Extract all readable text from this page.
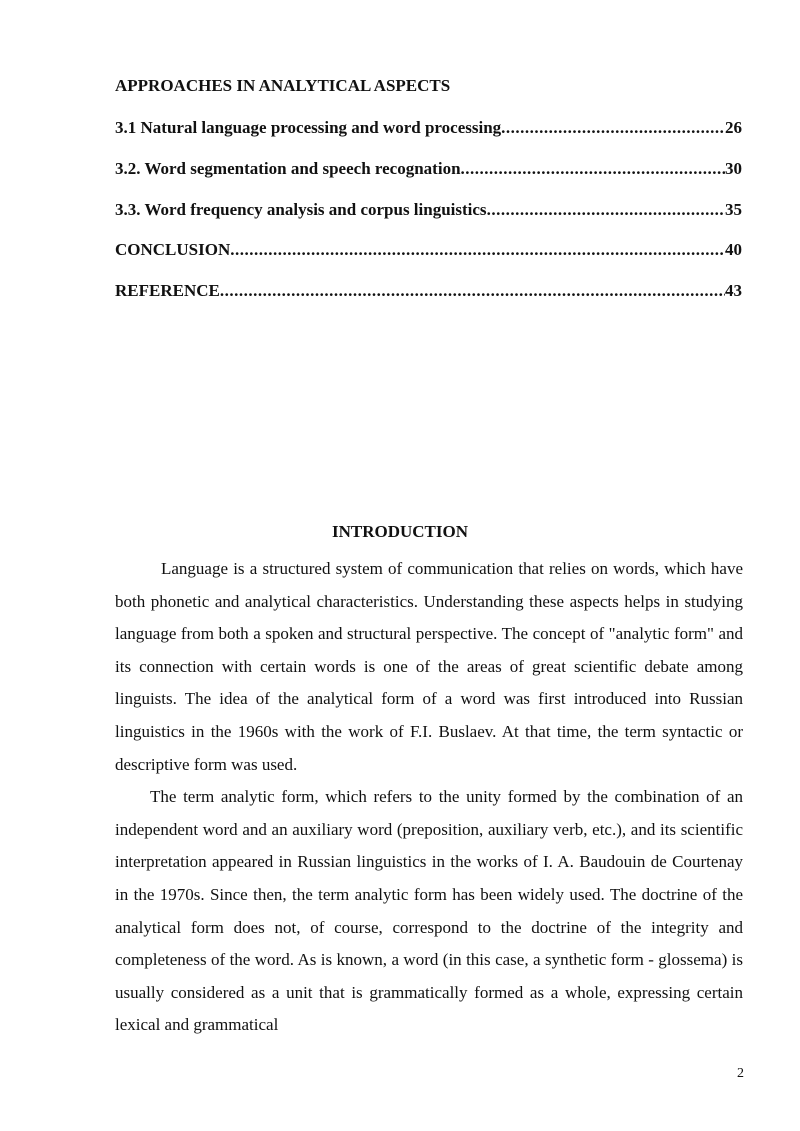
APPROACHES IN ANALYTICAL ASPECTS
3.1 Natural language processing and word processing .....	26
3.2. Word segmentation and speech recognation .....	30
3.3. Word frequency analysis and corpus linguistics .....	35
CONCLUSION .....	40
REFERENCE .....	43
INTRODUCTION

Language is a structured system of communication that relies on words, which have both phonetic and analytical characteristics. Understanding these aspects helps in studying language from both a spoken and structural perspective. The concept of "analytic form" and its connection with certain words is one of the areas of great scientific debate among linguists. The idea of the analytical form of a word was first introduced into Russian linguistics in the 1960s with the work of F.I. Buslaev. At that time, the term syntactic or descriptive form was used.

The term analytic form, which refers to the unity formed by the combination of an independent word and an auxiliary word (preposition, auxiliary verb, etc.), and its scientific interpretation appeared in Russian linguistics in the works of I. A. Baudouin de Courtenay in the 1970s. Since then, the term analytic form has been widely used. The doctrine of the analytical form does not, of course, correspond to the doctrine of the integrity and completeness of the word. As is known, a word (in this case, a synthetic form - glossema) is usually considered as a unit that is grammatically formed as a whole, expressing certain lexical and grammatical

2
